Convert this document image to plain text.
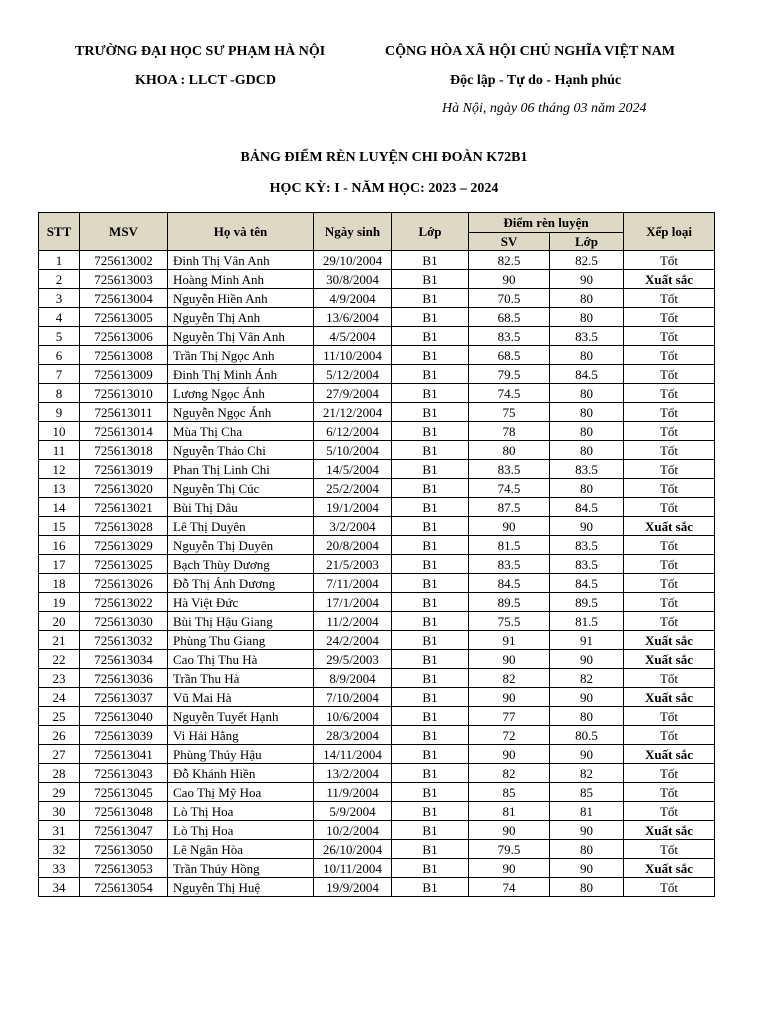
TRƯỜNG ĐẠI HỌC SƯ PHẠM HÀ NỘI
KHOA : LLCT -GDCD
CỘNG HÒA XÃ HỘI CHỦ NGHĨA VIỆT NAM
Độc lập - Tự do - Hạnh phúc
Hà Nội, ngày 06 tháng 03 năm 2024
BẢNG ĐIỂM RÈN LUYỆN CHI ĐOÀN K72B1
HỌC KỲ: I - NĂM HỌC: 2023 – 2024
STT	MSV	Họ và tên	Ngày sinh	Lớp	Điểm rèn luyện		Xếp loại
					SV	Lớp	
1	725613002	Đinh Thị Vân Anh	29/10/2004	B1	82.5	82.5	Tốt
2	725613003	Hoàng Minh Anh	30/8/2004	B1	90	90	Xuất sắc
3	725613004	Nguyễn Hiền Anh	4/9/2004	B1	70.5	80	Tốt
4	725613005	Nguyễn Thị Anh	13/6/2004	B1	68.5	80	Tốt
5	725613006	Nguyễn Thị Vân Anh	4/5/2004	B1	83.5	83.5	Tốt
6	725613008	Trần Thị Ngọc Anh	11/10/2004	B1	68.5	80	Tốt
7	725613009	Đinh Thị Minh Ánh	5/12/2004	B1	79.5	84.5	Tốt
8	725613010	Lương Ngọc Ánh	27/9/2004	B1	74.5	80	Tốt
9	725613011	Nguyễn Ngọc Ánh	21/12/2004	B1	75	80	Tốt
10	725613014	Mùa Thị Cha	6/12/2004	B1	78	80	Tốt
11	725613018	Nguyễn Thảo Chi	5/10/2004	B1	80	80	Tốt
12	725613019	Phan Thị Linh Chi	14/5/2004	B1	83.5	83.5	Tốt
13	725613020	Nguyễn Thị Cúc	25/2/2004	B1	74.5	80	Tốt
14	725613021	Bùi Thị Dâu	19/1/2004	B1	87.5	84.5	Tốt
15	725613028	Lê Thị Duyên	3/2/2004	B1	90	90	Xuất sắc
16	725613029	Nguyễn Thị Duyên	20/8/2004	B1	81.5	83.5	Tốt
17	725613025	Bạch Thùy Dương	21/5/2003	B1	83.5	83.5	Tốt
18	725613026	Đỗ Thị Ánh Dương	7/11/2004	B1	84.5	84.5	Tốt
19	725613022	Hà Việt Đức	17/1/2004	B1	89.5	89.5	Tốt
20	725613030	Bùi Thị Hậu Giang	11/2/2004	B1	75.5	81.5	Tốt
21	725613032	Phùng Thu Giang	24/2/2004	B1	91	91	Xuất sắc
22	725613034	Cao Thị Thu Hà	29/5/2003	B1	90	90	Xuất sắc
23	725613036	Trần Thu Hà	8/9/2004	B1	82	82	Tốt
24	725613037	Vũ Mai Hà	7/10/2004	B1	90	90	Xuất sắc
25	725613040	Nguyễn Tuyết Hạnh	10/6/2004	B1	77	80	Tốt
26	725613039	Vi Hải Hằng	28/3/2004	B1	72	80.5	Tốt
27	725613041	Phùng Thúy Hậu	14/11/2004	B1	90	90	Xuất sắc
28	725613043	Đỗ Khánh Hiền	13/2/2004	B1	82	82	Tốt
29	725613045	Cao Thị Mỹ Hoa	11/9/2004	B1	85	85	Tốt
30	725613048	Lò Thị Hoa	5/9/2004	B1	81	81	Tốt
31	725613047	Lò Thị Hoa	10/2/2004	B1	90	90	Xuất sắc
32	725613050	Lê Ngân Hòa	26/10/2004	B1	79.5	80	Tốt
33	725613053	Trần Thúy Hồng	10/11/2004	B1	90	90	Xuất sắc
34	725613054	Nguyễn Thị Huệ	19/9/2004	B1	74	80	Tốt
